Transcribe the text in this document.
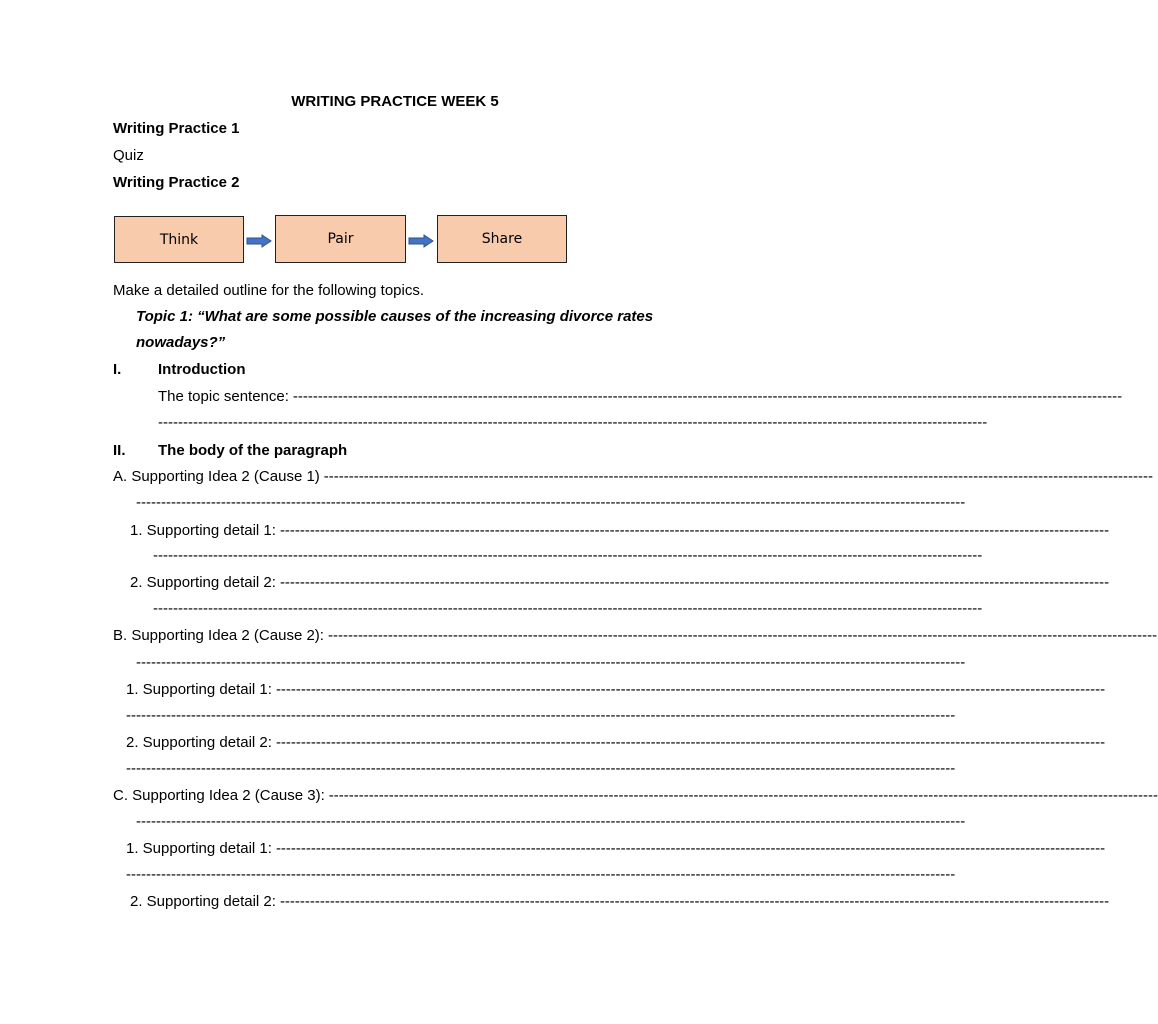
WRITING PRACTICE WEEK 5
Writing Practice 1
Quiz
Writing Practice 2
Think	Pair	Share
Make a detailed outline for the following topics.
Topic 1: “What are some possible causes of the increasing divorce rates
nowadays?”
I. Introduction
The topic sentence: ----------------------------------------------------------------------------------------------------------------------------------------------------------------------
----------------------------------------------------------------------------------------------------------------------------------------------------------------------
II. The body of the paragraph
A. Supporting Idea 2 (Cause 1) ----------------------------------------------------------------------------------------------------------------------------------------------------------------------
----------------------------------------------------------------------------------------------------------------------------------------------------------------------
1. Supporting detail 1: ----------------------------------------------------------------------------------------------------------------------------------------------------------------------
----------------------------------------------------------------------------------------------------------------------------------------------------------------------
2. Supporting detail 2: ----------------------------------------------------------------------------------------------------------------------------------------------------------------------
----------------------------------------------------------------------------------------------------------------------------------------------------------------------
B. Supporting Idea 2 (Cause 2): ----------------------------------------------------------------------------------------------------------------------------------------------------------------------
----------------------------------------------------------------------------------------------------------------------------------------------------------------------
1. Supporting detail 1: ----------------------------------------------------------------------------------------------------------------------------------------------------------------------
----------------------------------------------------------------------------------------------------------------------------------------------------------------------
2. Supporting detail 2: ----------------------------------------------------------------------------------------------------------------------------------------------------------------------
----------------------------------------------------------------------------------------------------------------------------------------------------------------------
C. Supporting Idea 2 (Cause 3): ----------------------------------------------------------------------------------------------------------------------------------------------------------------------
----------------------------------------------------------------------------------------------------------------------------------------------------------------------
1. Supporting detail 1: ----------------------------------------------------------------------------------------------------------------------------------------------------------------------
----------------------------------------------------------------------------------------------------------------------------------------------------------------------
2. Supporting detail 2: ----------------------------------------------------------------------------------------------------------------------------------------------------------------------
